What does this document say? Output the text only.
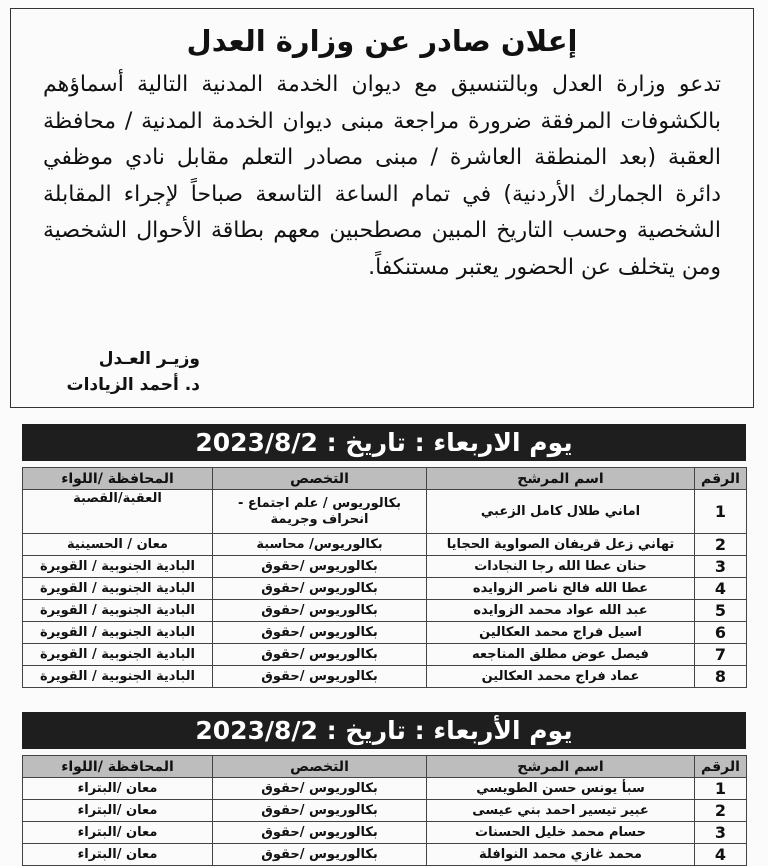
إعلان صادر عن وزارة العدل
تدعو وزارة العدل وبالتنسيق مع ديوان الخدمة المدنية التالية أسماؤهم بالكشوفات المرفقة ضرورة مراجعة مبنى ديوان الخدمة المدنية / محافظة العقبة (بعد المنطقة العاشرة / مبنى مصادر التعلم مقابل نادي موظفي دائرة الجمارك الأردنية) في تمام الساعة التاسعة صباحاً لإجراء المقابلة الشخصية وحسب التاريخ المبين مصطحبين معهم بطاقة الأحوال الشخصية ومن يتخلف عن الحضور يعتبر مستنكفاً.
وزيـر العـدل
د. أحمد الزيادات
يوم الاربعاء : تاريخ : 2023/8/2
الرقم	اسم المرشح	التخصص	المحافظة /اللواء
1	اماني طلال كامل الزعبي	بكالوريوس / علم اجتماع - انحراف وجريمة	العقبة/القصبة
2	تهاني زعل قريفان الصواوية الحجايا	بكالوريوس/ محاسبة	معان / الحسينية
3	حنان عطا الله رجا النجادات	بكالوريوس /حقوق	البادية الجنوبية / القويرة
4	عطا الله فالح ناصر الزوايده	بكالوريوس /حقوق	البادية الجنوبية / القويرة
5	عبد الله عواد محمد الزوايده	بكالوريوس /حقوق	البادية الجنوبية / القويرة
6	اسيل فراج محمد العكالين	بكالوريوس /حقوق	البادية الجنوبية / القويرة
7	فيصل عوض مطلق المناجعه	بكالوريوس /حقوق	البادية الجنوبية / القويرة
8	عماد فراج محمد العكالين	بكالوريوس /حقوق	البادية الجنوبية / القويرة
يوم الأربعاء : تاريخ : 2023/8/2
الرقم	اسم المرشح	التخصص	المحافظة /اللواء
1	سبأ يونس حسن الطويسي	بكالوريوس /حقوق	معان /البتراء
2	عبير تيسير احمد بني عيسى	بكالوريوس /حقوق	معان /البتراء
3	حسام محمد خليل الحسنات	بكالوريوس /حقوق	معان /البتراء
4	محمد غازي محمد النوافلة	بكالوريوس /حقوق	معان /البتراء
